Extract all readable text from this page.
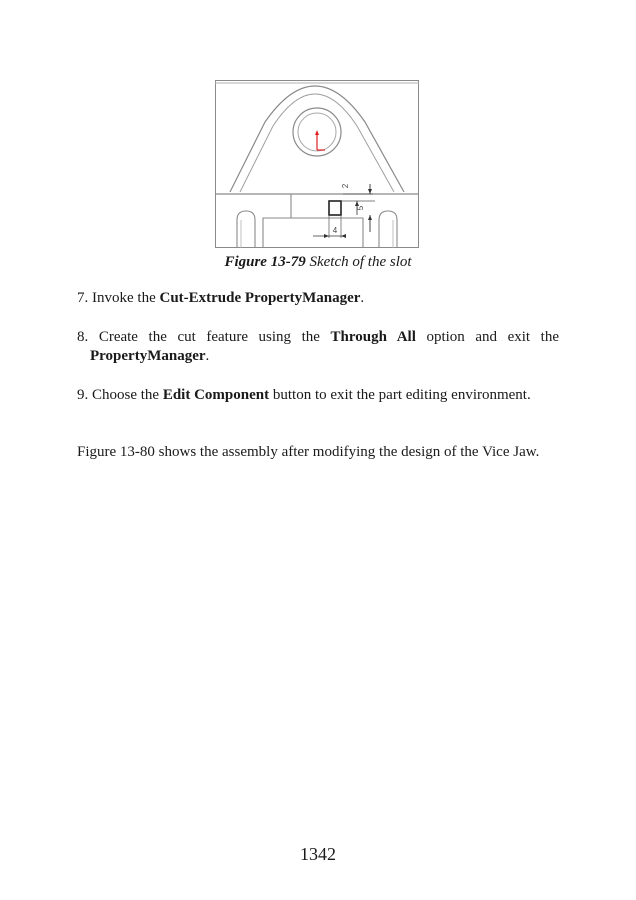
2
5
4
Figure 13-79 Sketch of the slot
7. Invoke the Cut-Extrude PropertyManager.
8. Create the cut feature using the Through All option and exit the PropertyManager.
9. Choose the Edit Component button to exit the part editing environment.
Figure 13-80 shows the assembly after modifying the design of the Vice Jaw.
1342
